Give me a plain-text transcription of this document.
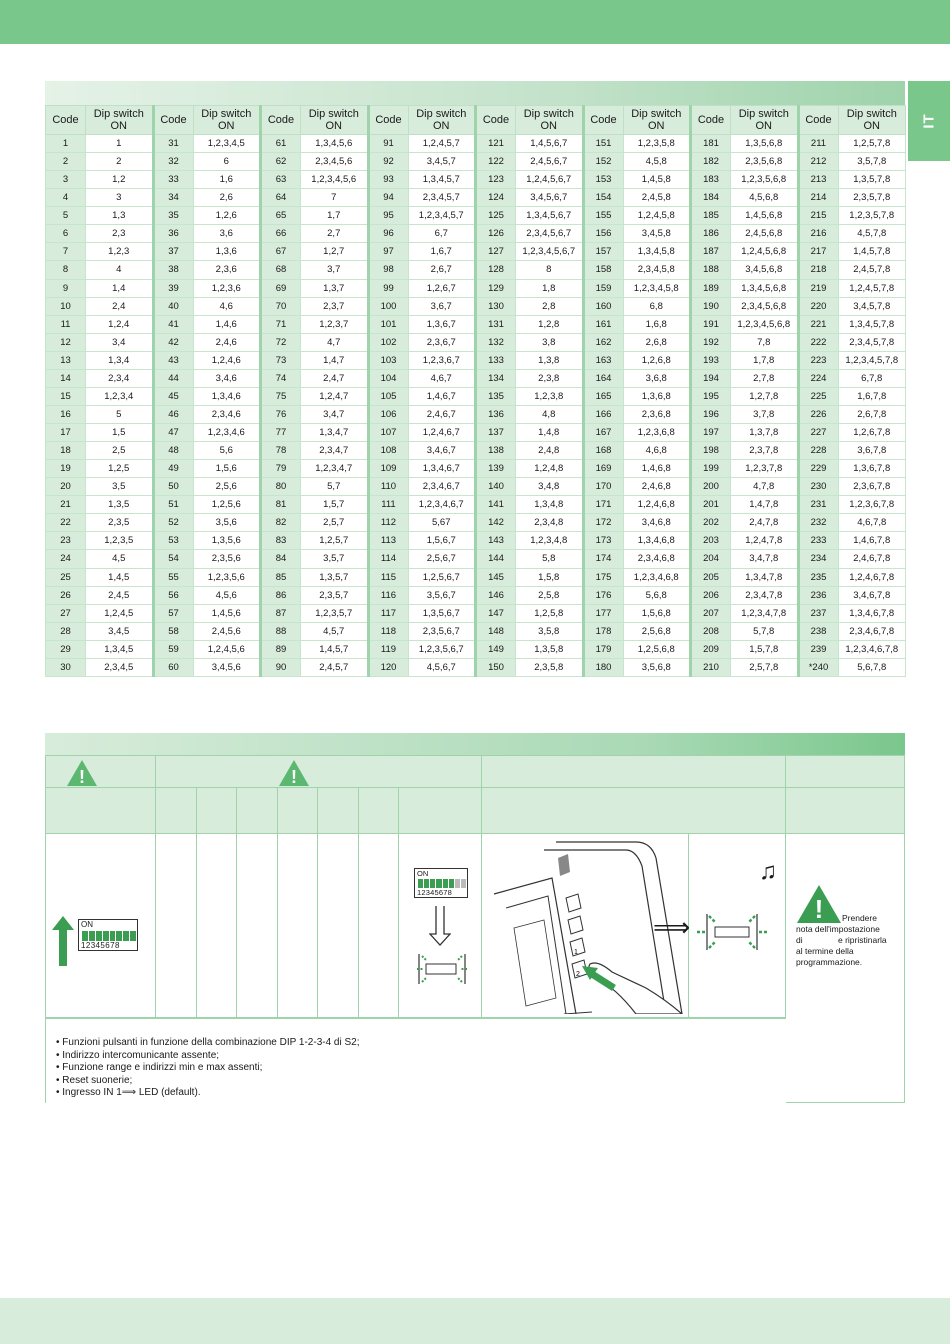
IT
Code	Dip switch ON	Code	Dip switch ON	Code	Dip switch ON	Code	Dip switch ON	Code	Dip switch ON	Code	Dip switch ON	Code	Dip switch ON	Code	Dip switch ON
1	1	31	1,2,3,4,5	61	1,3,4,5,6	91	1,2,4,5,7	121	1,4,5,6,7	151	1,2,3,5,8	181	1,3,5,6,8	211	1,2,5,7,8
2	2	32	6	62	2,3,4,5,6	92	3,4,5,7	122	2,4,5,6,7	152	4,5,8	182	2,3,5,6,8	212	3,5,7,8
3	1,2	33	1,6	63	1,2,3,4,5,6	93	1,3,4,5,7	123	1,2,4,5,6,7	153	1,4,5,8	183	1,2,3,5,6,8	213	1,3,5,7,8
4	3	34	2,6	64	7	94	2,3,4,5,7	124	3,4,5,6,7	154	2,4,5,8	184	4,5,6,8	214	2,3,5,7,8
5	1,3	35	1,2,6	65	1,7	95	1,2,3,4,5,7	125	1,3,4,5,6,7	155	1,2,4,5,8	185	1,4,5,6,8	215	1,2,3,5,7,8
6	2,3	36	3,6	66	2,7	96	6,7	126	2,3,4,5,6,7	156	3,4,5,8	186	2,4,5,6,8	216	4,5,7,8
7	1,2,3	37	1,3,6	67	1,2,7	97	1,6,7	127	1,2,3,4,5,6,7	157	1,3,4,5,8	187	1,2,4,5,6,8	217	1,4,5,7,8
8	4	38	2,3,6	68	3,7	98	2,6,7	128	8	158	2,3,4,5,8	188	3,4,5,6,8	218	2,4,5,7,8
9	1,4	39	1,2,3,6	69	1,3,7	99	1,2,6,7	129	1,8	159	1,2,3,4,5,8	189	1,3,4,5,6,8	219	1,2,4,5,7,8
10	2,4	40	4,6	70	2,3,7	100	3,6,7	130	2,8	160	6,8	190	2,3,4,5,6,8	220	3,4,5,7,8
11	1,2,4	41	1,4,6	71	1,2,3,7	101	1,3,6,7	131	1,2,8	161	1,6,8	191	1,2,3,4,5,6,8	221	1,3,4,5,7,8
12	3,4	42	2,4,6	72	4,7	102	2,3,6,7	132	3,8	162	2,6,8	192	7,8	222	2,3,4,5,7,8
13	1,3,4	43	1,2,4,6	73	1,4,7	103	1,2,3,6,7	133	1,3,8	163	1,2,6,8	193	1,7,8	223	1,2,3,4,5,7,8
14	2,3,4	44	3,4,6	74	2,4,7	104	4,6,7	134	2,3,8	164	3,6,8	194	2,7,8	224	6,7,8
15	1,2,3,4	45	1,3,4,6	75	1,2,4,7	105	1,4,6,7	135	1,2,3,8	165	1,3,6,8	195	1,2,7,8	225	1,6,7,8
16	5	46	2,3,4,6	76	3,4,7	106	2,4,6,7	136	4,8	166	2,3,6,8	196	3,7,8	226	2,6,7,8
17	1,5	47	1,2,3,4,6	77	1,3,4,7	107	1,2,4,6,7	137	1,4,8	167	1,2,3,6,8	197	1,3,7,8	227	1,2,6,7,8
18	2,5	48	5,6	78	2,3,4,7	108	3,4,6,7	138	2,4,8	168	4,6,8	198	2,3,7,8	228	3,6,7,8
19	1,2,5	49	1,5,6	79	1,2,3,4,7	109	1,3,4,6,7	139	1,2,4,8	169	1,4,6,8	199	1,2,3,7,8	229	1,3,6,7,8
20	3,5	50	2,5,6	80	5,7	110	2,3,4,6,7	140	3,4,8	170	2,4,6,8	200	4,7,8	230	2,3,6,7,8
21	1,3,5	51	1,2,5,6	81	1,5,7	111	1,2,3,4,6,7	141	1,3,4,8	171	1,2,4,6,8	201	1,4,7,8	231	1,2,3,6,7,8
22	2,3,5	52	3,5,6	82	2,5,7	112	5,67	142	2,3,4,8	172	3,4,6,8	202	2,4,7,8	232	4,6,7,8
23	1,2,3,5	53	1,3,5,6	83	1,2,5,7	113	1,5,6,7	143	1,2,3,4,8	173	1,3,4,6,8	203	1,2,4,7,8	233	1,4,6,7,8
24	4,5	54	2,3,5,6	84	3,5,7	114	2,5,6,7	144	5,8	174	2,3,4,6,8	204	3,4,7,8	234	2,4,6,7,8
25	1,4,5	55	1,2,3,5,6	85	1,3,5,7	115	1,2,5,6,7	145	1,5,8	175	1,2,3,4,6,8	205	1,3,4,7,8	235	1,2,4,6,7,8
26	2,4,5	56	4,5,6	86	2,3,5,7	116	3,5,6,7	146	2,5,8	176	5,6,8	206	2,3,4,7,8	236	3,4,6,7,8
27	1,2,4,5	57	1,4,5,6	87	1,2,3,5,7	117	1,3,5,6,7	147	1,2,5,8	177	1,5,6,8	207	1,2,3,4,7,8	237	1,3,4,6,7,8
28	3,4,5	58	2,4,5,6	88	4,5,7	118	2,3,5,6,7	148	3,5,8	178	2,5,6,8	208	5,7,8	238	2,3,4,6,7,8
29	1,3,4,5	59	1,2,4,5,6	89	1,4,5,7	119	1,2,3,5,6,7	149	1,3,5,8	179	1,2,5,6,8	209	1,5,7,8	239	1,2,3,4,6,7,8
30	2,3,4,5	60	3,4,5,6	90	2,4,5,7	120	4,5,6,7	150	2,3,5,8	180	3,5,6,8	210	2,5,7,8	*240	5,6,7,8
!	!
ON
12345678
ON
12345678
1
2
♫
⟹
! Prendere
nota dell'impostazione
di	e ripristinarla
al termine della
programmazione.
• Funzioni pulsanti in funzione della combinazione DIP 1-2-3-4 di S2;
• Indirizzo intercomunicante assente;
• Funzione range e indirizzi min e max assenti;
• Reset suonerie;
• Ingresso IN 1⟹ LED (default).
